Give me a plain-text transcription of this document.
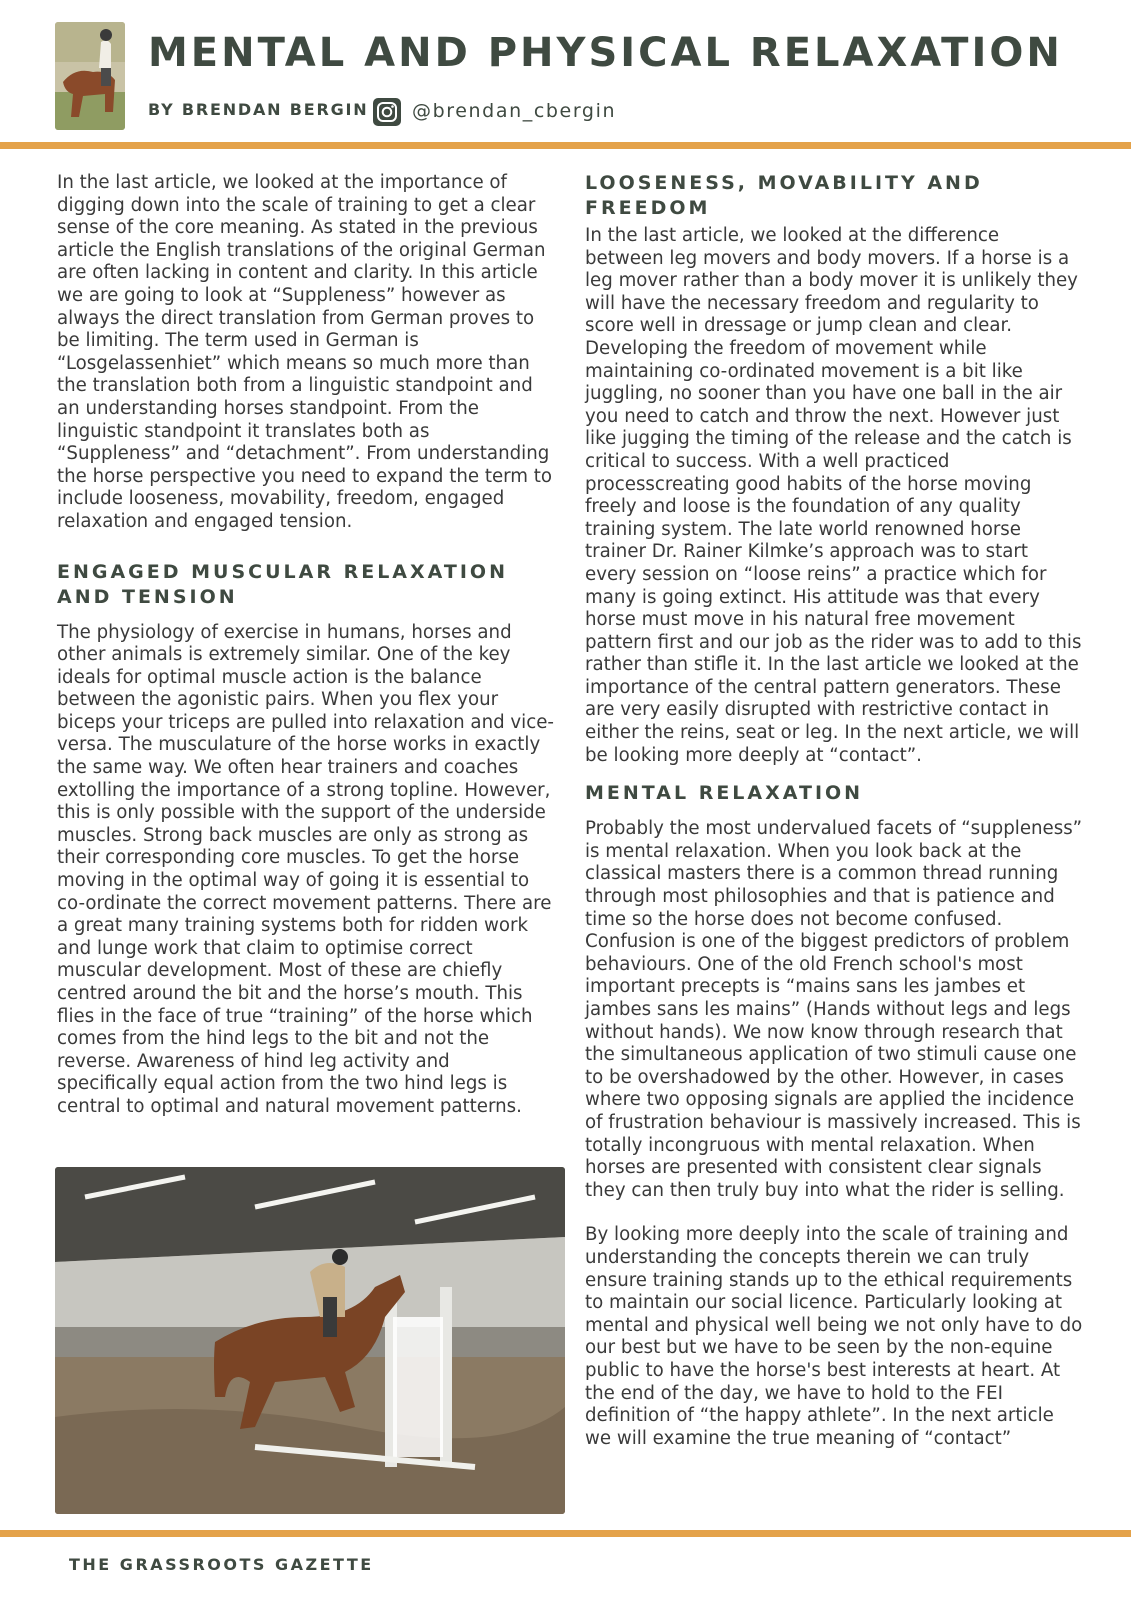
MENTAL AND PHYSICAL RELAXATION

BY BRENDAN BERGIN @brendan_cbergin

In the last article, we looked at the importance of digging down into the scale of training to get a clear sense of the core meaning. As stated in the previous article the English translations of the original German are often lacking in content and clarity. In this article we are going to look at “Suppleness” however as always the direct translation from German proves to be limiting. The term used in German is “Losgelassenhiet” which means so much more than the translation both from a linguistic standpoint and an understanding horses standpoint. From the linguistic standpoint it translates both as “Suppleness” and “detachment”. From understanding the horse perspective you need to expand the term to include looseness, movability, freedom, engaged relaxation and engaged tension.

ENGAGED MUSCULAR RELAXATION AND TENSION

The physiology of exercise in humans, horses and other animals is extremely similar. One of the key ideals for optimal muscle action is the balance between the agonistic pairs. When you flex your biceps your triceps are pulled into relaxation and vice-versa. The musculature of the horse works in exactly the same way. We often hear trainers and coaches extolling the importance of a strong topline. However, this is only possible with the support of the underside muscles. Strong back muscles are only as strong as their corresponding core muscles. To get the horse moving in the optimal way of going it is essential to co-ordinate the correct movement patterns. There are a great many training systems both for ridden work and lunge work that claim to optimise correct muscular development. Most of these are chiefly centred around the bit and the horse’s mouth. This flies in the face of true “training” of the horse which comes from the hind legs to the bit and not the reverse. Awareness of hind leg activity and specifically equal action from the two hind legs is central to optimal and natural movement patterns.

LOOSENESS, MOVABILITY AND FREEDOM

In the last article, we looked at the difference between leg movers and body movers. If a horse is a leg mover rather than a body mover it is unlikely they will have the necessary freedom and regularity to score well in dressage or jump clean and clear. Developing the freedom of movement while maintaining co-ordinated movement is a bit like juggling, no sooner than you have one ball in the air you need to catch and throw the next. However just like jugging the timing of the release and the catch is critical to success. With a well practiced processcreating good habits of the horse moving freely and loose is the foundation of any quality training system. The late world renowned horse trainer Dr. Rainer Kilmke’s approach was to start every session on “loose reins” a practice which for many is going extinct. His attitude was that every horse must move in his natural free movement pattern first and our job as the rider was to add to this rather than stifle it. In the last article we looked at the importance of the central pattern generators. These are very easily disrupted with restrictive contact in either the reins, seat or leg. In the next article, we will be looking more deeply at “contact”.

MENTAL RELAXATION

Probably the most undervalued facets of “suppleness” is mental relaxation. When you look back at the classical masters there is a common thread running through most philosophies and that is patience and time so the horse does not become confused. Confusion is one of the biggest predictors of problem behaviours. One of the old French school's most important precepts is “mains sans les jambes et jambes sans les mains” (Hands without legs and legs without hands). We now know through research that the simultaneous application of two stimuli cause one to be overshadowed by the other. However, in cases where two opposing signals are applied the incidence of frustration behaviour is massively increased. This is totally incongruous with mental relaxation. When horses are presented with consistent clear signals they can then truly buy into what the rider is selling.

By looking more deeply into the scale of training and understanding the concepts therein we can truly ensure training stands up to the ethical requirements to maintain our social licence. Particularly looking at mental and physical well being we not only have to do our best but we have to be seen by the non-equine public to have the horse's best interests at heart. At the end of the day, we have to hold to the FEI definition of “the happy athlete”. In the next article we will examine the true meaning of “contact”

THE GRASSROOTS GAZETTE
